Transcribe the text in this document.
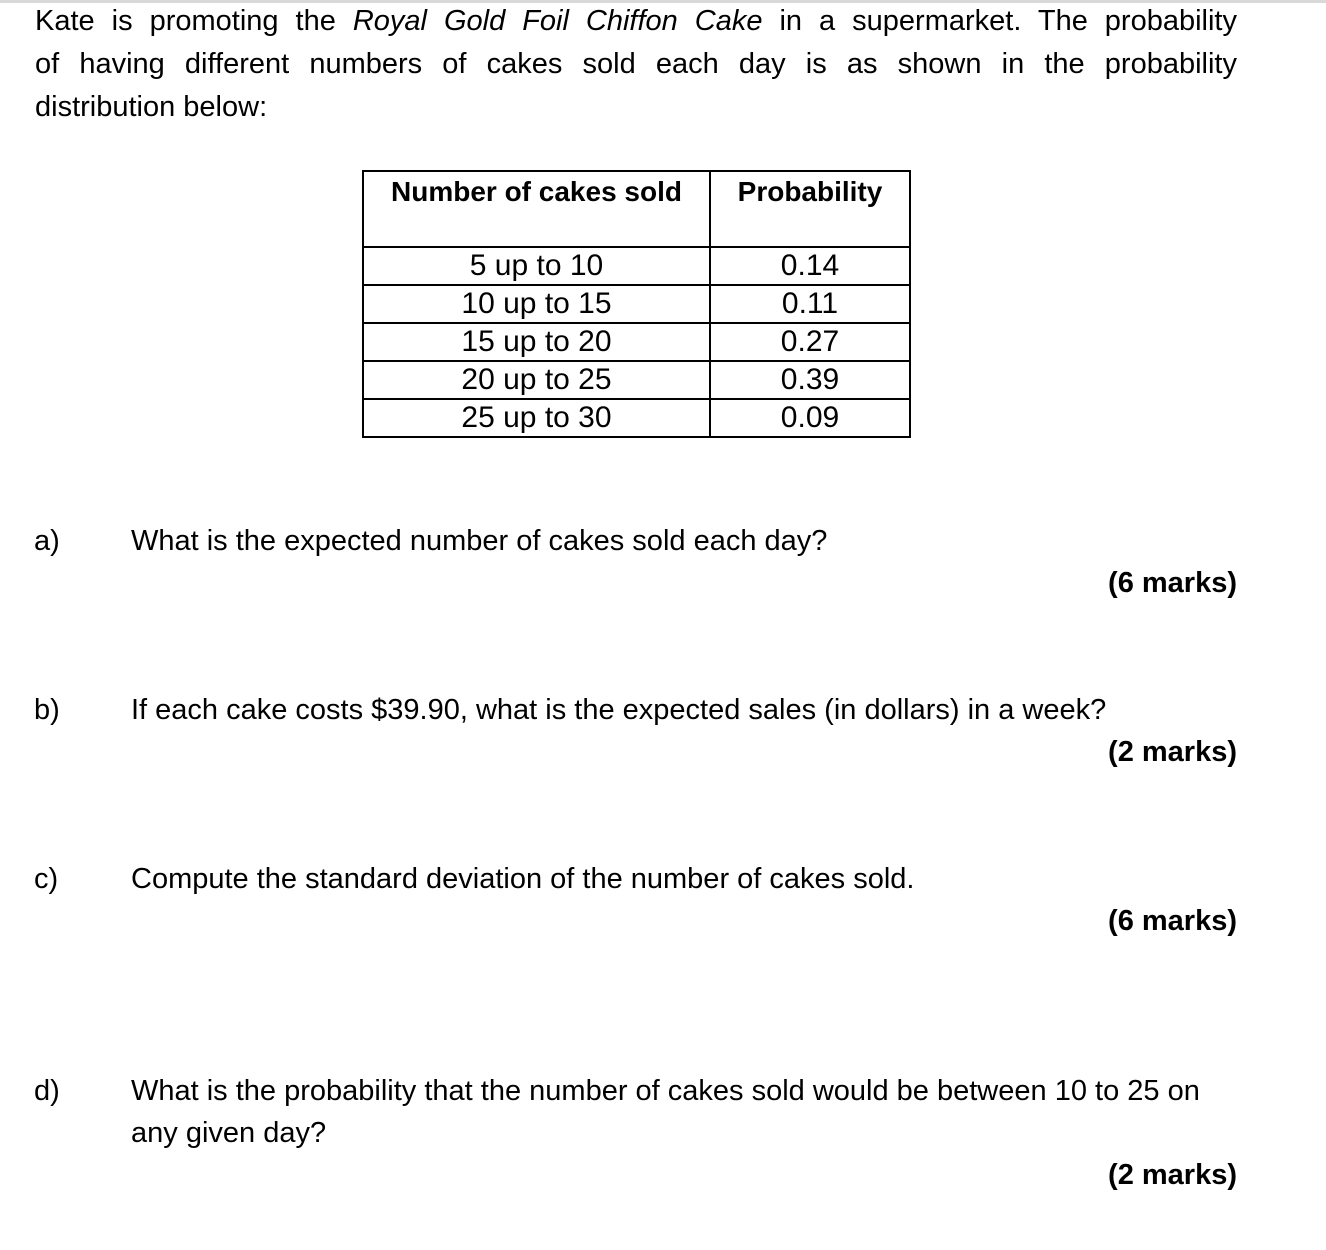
Kate is promoting the Royal Gold Foil Chiffon Cake in a supermarket. The probability
of having different numbers of cakes sold each day is as shown in the probability
distribution below:
Number of cakes sold	Probability
5 up to 10	0.14
10 up to 15	0.11
15 up to 20	0.27
20 up to 25	0.39
25 up to 30	0.09
a) What is the expected number of cakes sold each day?
(6 marks)
b) If each cake costs $39.90, what is the expected sales (in dollars) in a week?
(2 marks)
c)	Compute the standard deviation of the number of cakes sold.
(6 marks)
d) What is the probability that the number of cakes sold would be between 10 to 25 on any given day?
(2 marks)
